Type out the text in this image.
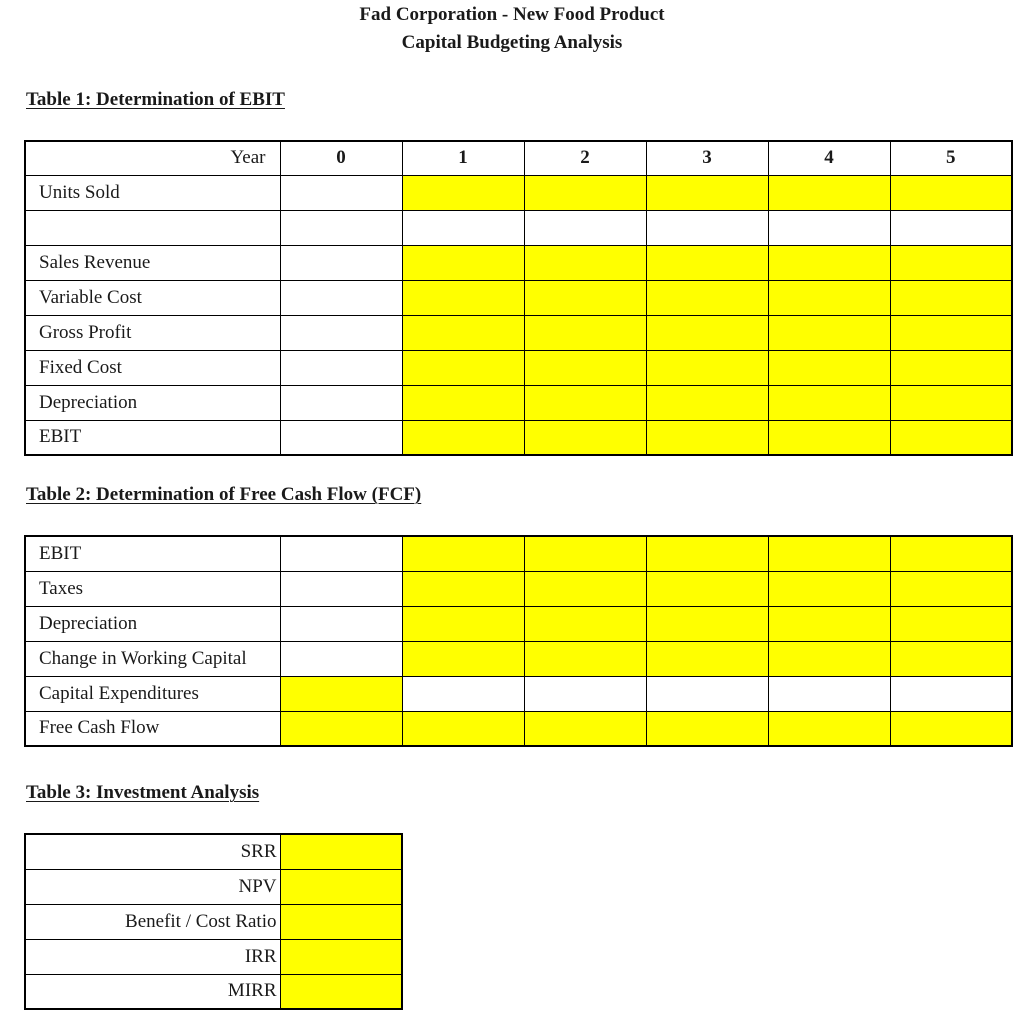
Fad Corporation - New Food Product
Capital Budgeting Analysis
Table 1: Determination of EBIT
Year	0	1	2	3	4	5
Units Sold						

Sales Revenue						
Variable Cost						
Gross Profit						
Fixed Cost						
Depreciation						
EBIT						
Table 2: Determination of Free Cash Flow (FCF)
EBIT						
Taxes						
Depreciation						
Change in Working Capital						
Capital Expenditures						
Free Cash Flow						
Table 3: Investment Analysis
SRR	
NPV	
Benefit / Cost Ratio	
IRR	
MIRR	
